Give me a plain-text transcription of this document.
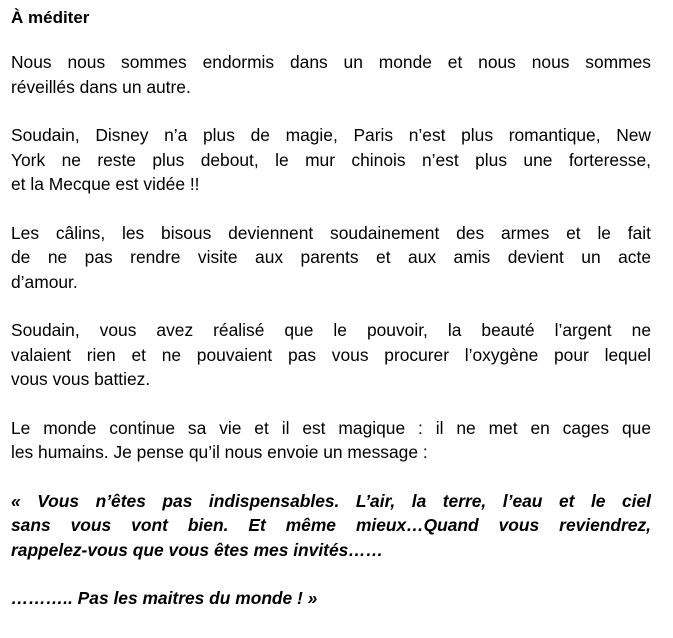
À méditer
Nous nous sommes endormis dans un monde et nous nous sommes
réveillés dans un autre.
Soudain, Disney n’a plus de magie, Paris n’est plus romantique, New
York ne reste plus debout, le mur chinois n’est plus une forteresse,
et la Mecque est vidée !!
Les câlins, les bisous deviennent soudainement des armes et le fait
de ne pas rendre visite aux parents et aux amis devient un acte
d’amour.
Soudain, vous avez réalisé que le pouvoir, la beauté l’argent ne
valaient rien et ne pouvaient pas vous procurer l’oxygène pour lequel
vous vous battiez.
Le monde continue sa vie et il est magique : il ne met en cages que
les humains. Je pense qu’il nous envoie un message :
« Vous n’êtes pas indispensables. L’air, la terre, l’eau et le ciel
sans vous vont bien. Et même mieux…Quand vous reviendrez,
rappelez-vous que vous êtes mes invités……
……….. Pas les maitres du monde ! »
